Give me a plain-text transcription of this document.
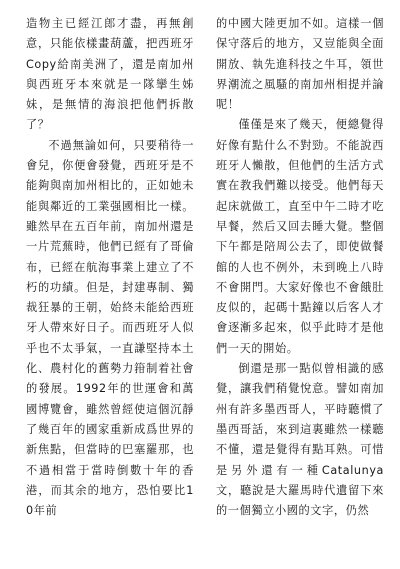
造物主已經江郎才盡，再無創意，只能依樣畫葫蘆，把西班牙Copy給南美洲了，還是南加州與西班牙本來就是一隊攣生姊妹，是無情的海浪把他們拆散了？

不過無論如何，只要稍待一會兒，你便會發覺，西班牙是不能夠與南加州相比的，正如她未能與鄰近的工業强國相比一樣。雖然早在五百年前，南加州還是一片荒蕪時，他們已經有了哥倫布，已經在航海事業上建立了不朽的功績。但是，封建專制、獨裁狂暴的王朝，始終未能給西班牙人帶來好日子。而西班牙人似乎也不太爭氣，一直謙堅持本土化、農村化的舊勢力箝制着社會的發展。1992年的世運會和萬國博覽會，雖然曾經使這個沉靜了幾百年的國家重新成爲世界的新焦點，但當時的巴塞羅那，也不過相當于當時倒數十年的香港，而其余的地方，恐怕要比10年前

的中國大陸更加不如。這樣一個保守落后的地方，又豈能與全面開放、執先進科技之牛耳，領世界潮流之風騷的南加州相提并論呢！

僅僅是來了幾天，便總覺得好像有點什么不對勁。不能說西班牙人懶散，但他們的生活方式實在教我們難以接受。他們每天起床就做工，直至中午二時才吃早餐，然后又回去睡大覺。整個下午都是陪周公去了，即使做餐館的人也不例外，未到晚上八時不會開門。大家好像也不會餓肚皮似的，起碼十點鐘以后客人才會逐漸多起來，似乎此時才是他們一天的開始。

倒還是那一點似曾相識的感覺，讓我們稍覺悅意。譬如南加州有許多墨西哥人，平時聽慣了墨西哥話，來到這裏雖然一樣聽不懂，還是覺得有點耳熟。可惜是另外還有一種Catalunya文，聽說是大羅馬時代遺留下來的一個獨立小國的文字，仍然
